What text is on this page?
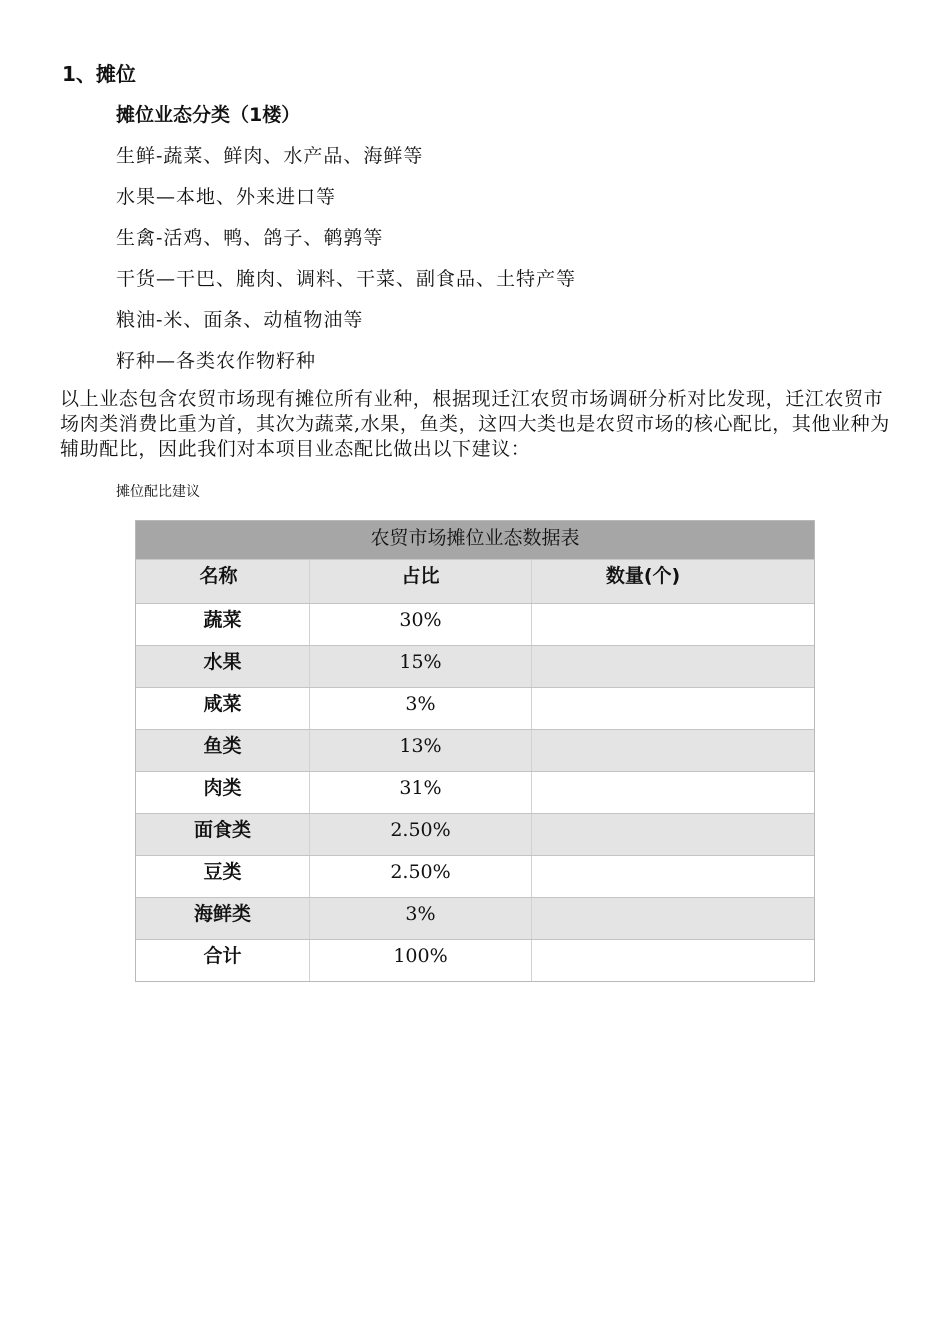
1、摊位
摊位业态分类（1楼）
生鲜-蔬菜、鲜肉、水产品、海鲜等
水果—本地、外来进口等
生禽-活鸡、鸭、鸽子、鹌鹑等
干货—干巴、腌肉、调料、干菜、副食品、土特产等
粮油-米、面条、动植物油等
籽种—各类农作物籽种

以上业态包含农贸市场现有摊位所有业种，根据现迁江农贸市场调研分析对比发现，迁江农贸市场肉类消费比重为首，其次为蔬菜,水果，鱼类，这四大类也是农贸市场的核心配比，其他业种为辅助配比，因此我们对本项目业态配比做出以下建议：

摊位配比建议
农贸市场摊位业态数据表
名称	占比	数量(个)
蔬菜	30%
水果	15%
咸菜	3%
鱼类	13%
肉类	31%
面食类	2.50%
豆类	2.50%
海鲜类	3%
合计	100%
